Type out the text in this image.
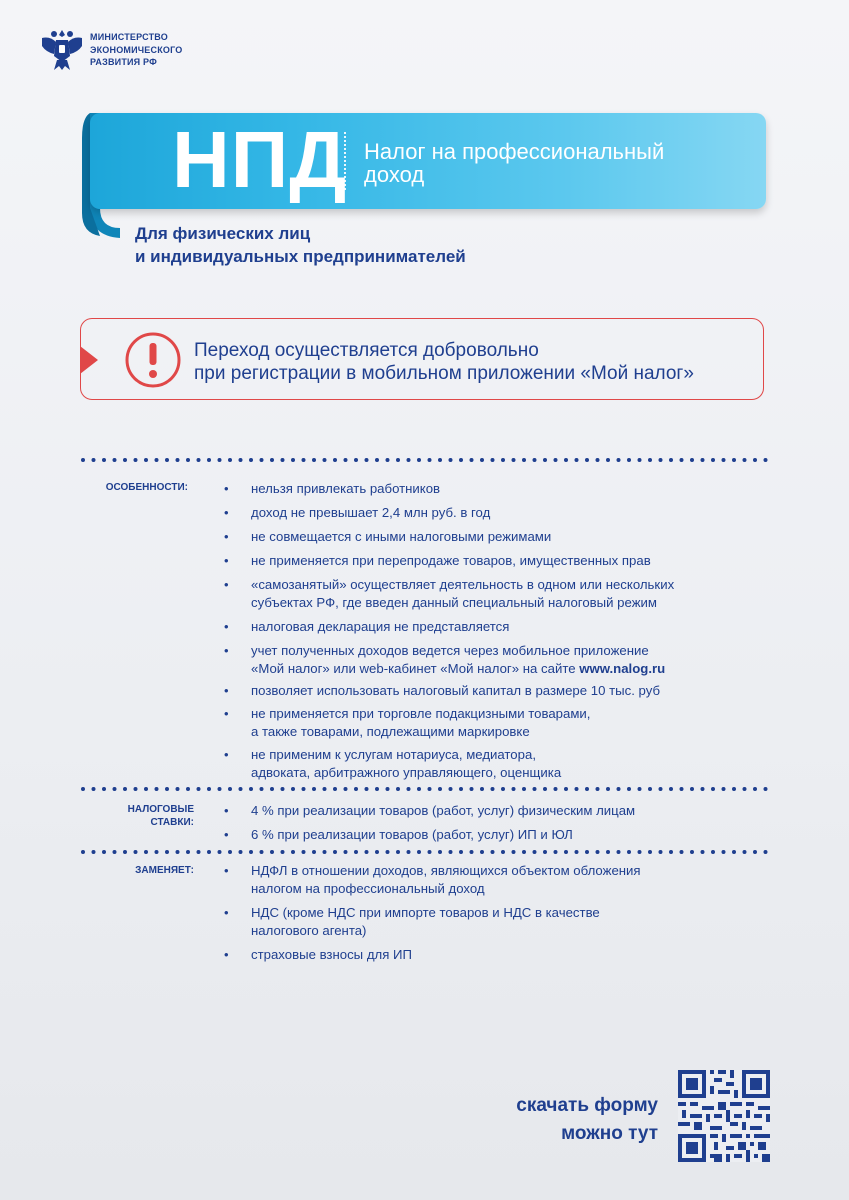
МИНИСТЕРСТВО
ЭКОНОМИЧЕСКОГО
РАЗВИТИЯ РФ
НПД Налог на профессиональный
доход
Для физических лиц
и индивидуальных предпринимателей
Переход осуществляется добровольно
при регистрации в мобильном приложении «Мой налог»
ОСОБЕННОСТИ:	• нельзя привлекать работников
• доход не превышает 2,4 млн руб. в год
• не совмещается с иными налоговыми режимами
• не применяется при перепродаже товаров, имущественных прав
• «самозанятый» осуществляет деятельность в одном или нескольких
субъектах РФ, где введен данный специальный налоговый режим
• налоговая декларация не представляется
• учет полученных доходов ведется через мобильное приложение
«Мой налог» или web-кабинет «Мой налог» на сайте www.nalog.ru
• позволяет использовать налоговый капитал в размере 10 тыс. руб
• не применяется при торговле подакцизными товарами,
а также товарами, подлежащими маркировке
• не применим к услугам нотариуса, медиатора,
адвоката, арбитражного управляющего, оценщика
НАЛОГОВЫЕ
СТАВКИ:
• 4 % при реализации товаров (работ, услуг) физическим лицам
• 6 % при реализации товаров (работ, услуг) ИП и ЮЛ
ЗАМЕНЯЕТ:	• НДФЛ в отношении доходов, являющихся объектом обложения
налогом на профессиональный доход
• НДС (кроме НДС при импорте товаров и НДС в качестве
налогового агента)
• страховые взносы для ИП
скачать форму
можно тут
